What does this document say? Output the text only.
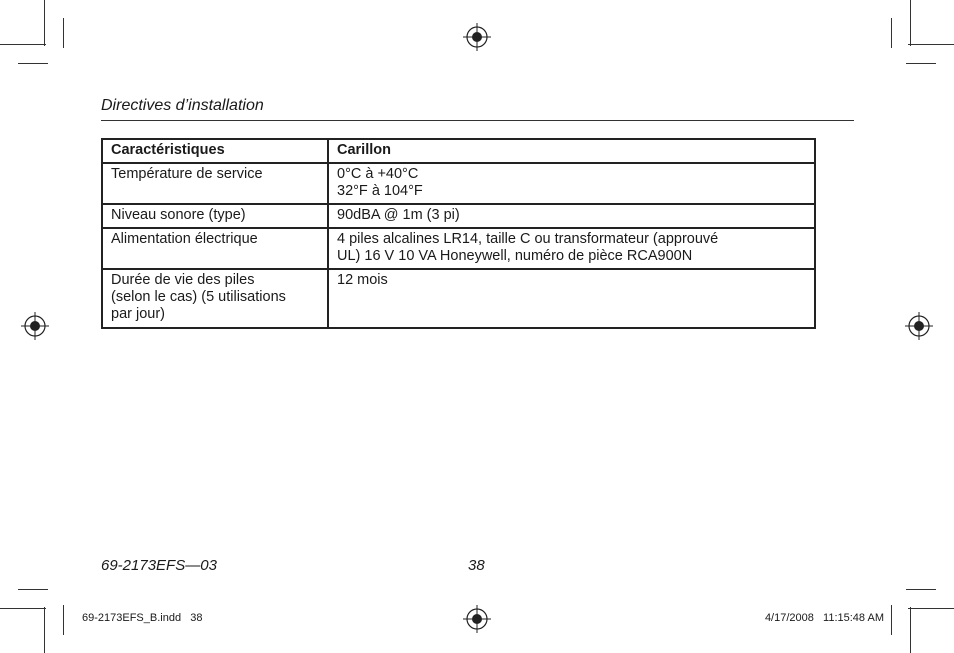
Directives d’installation
Caractéristiques	Carillon
Température de service	0°C à +40°C
32°F à 104°F

Niveau sonore (type)	90dBA @ 1m (3 pi)

Alimentation électrique	4 piles alcalines LR14, taille C ou transformateur (approuvé
UL) 16 V 10 VA Honeywell, numéro de pièce RCA900N

Durée de vie des piles
(selon le cas) (5 utilisations
par jour)	12 mois
69-2173EFS—03	38
69-2173EFS_B.indd   38	4/17/2008   11:15:48 AM
